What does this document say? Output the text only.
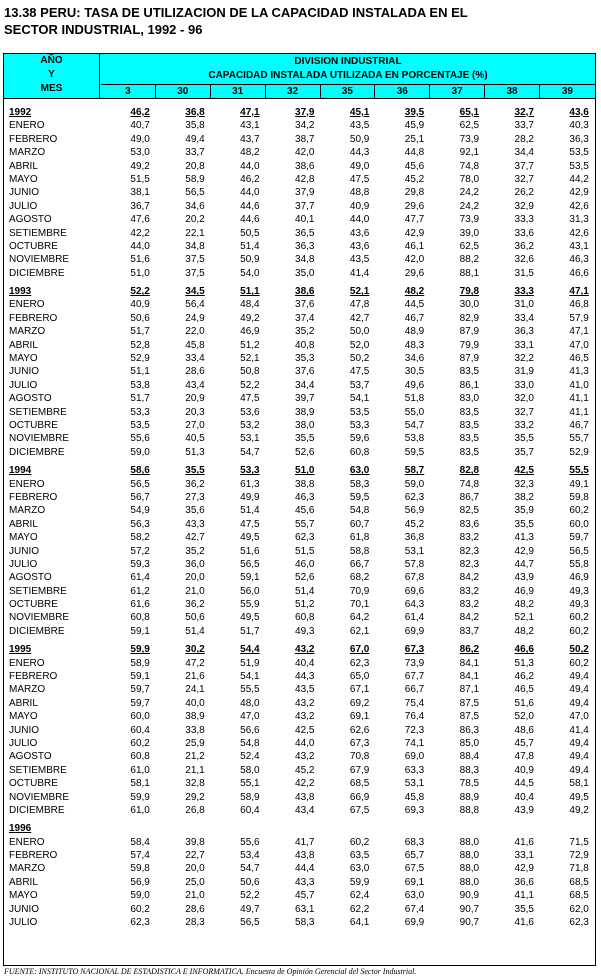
13.38 PERU: TASA DE UTILIZACION DE LA CAPACIDAD INSTALADA EN EL
SECTOR INDUSTRIAL, 1992 - 96
AÑO
Y
MES
DIVISION INDUSTRIAL
CAPACIDAD INSTALADA UTILIZADA EN PORCENTAJE (%)
3	30	31	32	35	36	37	38	39
1992	46,2	36,8	47,1	37,9	45,1	39,5	65,1	32,7	43,6
ENERO	40,7	35,8	43,1	34,2	43,5	45,9	62,5	33,7	40,3
FEBRERO	49,0	49,4	43,7	38,7	50,9	25,1	73,9	28,2	36,3
MARZO	53,0	33,7	48,2	42,0	44,3	44,8	92,1	34,4	53,5
ABRIL	49,2	20,8	44,0	38,6	49,0	45,6	74,8	37,7	53,5
MAYO	51,5	58,9	46,2	42,8	47,5	45,2	78,0	32,7	44,2
JUNIO	38,1	56,5	44,0	37,9	48,8	29,8	24,2	26,2	42,9
JULIO	36,7	34,6	44,6	37,7	40,9	29,6	24,2	32,9	42,6
AGOSTO	47,6	20,2	44,6	40,1	44,0	47,7	73,9	33,3	31,3
SETIEMBRE	42,2	22,1	50,5	36,5	43,6	42,9	39,0	33,6	42,6
OCTUBRE	44,0	34,8	51,4	36,3	43,6	46,1	62,5	36,2	43,1
NOVIEMBRE	51,6	37,5	50,9	34,8	43,5	42,0	88,2	32,6	46,3
DICIEMBRE	51,0	37,5	54,0	35,0	41,4	29,6	88,1	31,5	46,6
1993	52,2	34,5	51,1	38,6	52,1	48,2	79,8	33,3	47,1
ENERO	40,9	56,4	48,4	37,6	47,8	44,5	30,0	31,0	46,8
FEBRERO	50,6	24,9	49,2	37,4	42,7	46,7	82,9	33,4	57,9
MARZO	51,7	22,0	46,9	35,2	50,0	48,9	87,9	36,3	47,1
ABRIL	52,8	45,8	51,2	40,8	52,0	48,3	79,9	33,1	47,0
MAYO	52,9	33,4	52,1	35,3	50,2	34,6	87,9	32,2	46,5
JUNIO	51,1	28,6	50,8	37,6	47,5	30,5	83,5	31,9	41,3
JULIO	53,8	43,4	52,2	34,4	53,7	49,6	86,1	33,0	41,0
AGOSTO	51,7	20,9	47,5	39,7	54,1	51,8	83,0	32,0	41,1
SETIEMBRE	53,3	20,3	53,6	38,9	53,5	55,0	83,5	32,7	41,1
OCTUBRE	53,5	27,0	53,2	38,0	53,3	54,7	83,5	33,2	46,7
NOVIEMBRE	55,6	40,5	53,1	35,5	59,6	53,8	83,5	35,5	55,7
DICIEMBRE	59,0	51,3	54,7	52,6	60,8	59,5	83,5	35,7	52,9
1994	58,6	35,5	53,3	51,0	63,0	58,7	82,8	42,5	55,5
ENERO	56,5	36,2	61,3	38,8	58,3	59,0	74,8	32,3	49,1
FEBRERO	56,7	27,3	49,9	46,3	59,5	62,3	86,7	38,2	59,8
MARZO	54,9	35,6	51,4	45,6	54,8	56,9	82,5	35,9	60,2
ABRIL	56,3	43,3	47,5	55,7	60,7	45,2	83,6	35,5	60,0
MAYO	58,2	42,7	49,5	62,3	61,8	36,8	83,2	41,3	59,7
JUNIO	57,2	35,2	51,6	51,5	58,8	53,1	82,3	42,9	56,5
JULIO	59,3	36,0	56,5	46,0	66,7	57,8	82,3	44,7	55,8
AGOSTO	61,4	20,0	59,1	52,6	68,2	67,8	84,2	43,9	46,9
SETIEMBRE	61,2	21,0	56,0	51,4	70,9	69,6	83,2	46,9	49,3
OCTUBRE	61,6	36,2	55,9	51,2	70,1	64,3	83,2	48,2	49,3
NOVIEMBRE	60,8	50,6	49,5	60,8	64,2	61,4	84,2	52,1	60,2
DICIEMBRE	59,1	51,4	51,7	49,3	62,1	69,9	83,7	48,2	60,2
1995	59,9	30,2	54,4	43,2	67,0	67,3	86,2	46,6	50,2
ENERO	58,9	47,2	51,9	40,4	62,3	73,9	84,1	51,3	60,2
FEBRERO	59,1	21,6	54,1	44,3	65,0	67,7	84,1	46,2	49,4
MARZO	59,7	24,1	55,5	43,5	67,1	66,7	87,1	46,5	49,4
ABRIL	59,7	40,0	48,0	43,2	69,2	75,4	87,5	51,6	49,4
MAYO	60,0	38,9	47,0	43,2	69,1	76,4	87,5	52,0	47,0
JUNIO	60,4	33,8	56,6	42,5	62,6	72,3	86,3	48,6	41,4
JULIO	60,2	25,9	54,8	44,0	67,3	74,1	85,0	45,7	49,4
AGOSTO	60,8	21,2	52,4	43,2	70,8	69,0	88,4	47,8	49,4
SETIEMBRE	61,0	21,1	58,0	45,2	67,9	63,3	88,3	40,9	49,4
OCTUBRE	58,1	32,8	55,1	42,2	68,5	53,1	78,5	44,5	58,1
NOVIEMBRE	59,9	29,2	58,9	43,8	66,9	45,8	88,9	40,4	49,5
DICIEMBRE	61,0	26,8	60,4	43,4	67,5	69,3	88,8	43,9	49,2
1996
ENERO	58,4	39,8	55,6	41,7	60,2	68,3	88,0	41,6	71,5
FEBRERO	57,4	22,7	53,4	43,8	63,5	65,7	88,0	33,1	72,9
MARZO	59,8	20,0	54,7	44,4	63,0	67,5	88,0	42,9	71,8
ABRIL	56,9	25,0	50,6	43,3	59,9	69,1	88,0	36,6	68,5
MAYO	59,0	21,0	52,2	45,7	62,4	63,0	90,9	41,1	68,5
JUNIO	60,2	28,6	49,7	63,1	62,2	67,4	90,7	35,5	62,0
JULIO	62,3	28,3	56,5	58,3	64,1	69,9	90,7	41,6	62,3
FUENTE: INSTITUTO NACIONAL DE ESTADISTICA E INFORMATICA. Encuesta de Opinión Gerencial del Sector Industrial.
